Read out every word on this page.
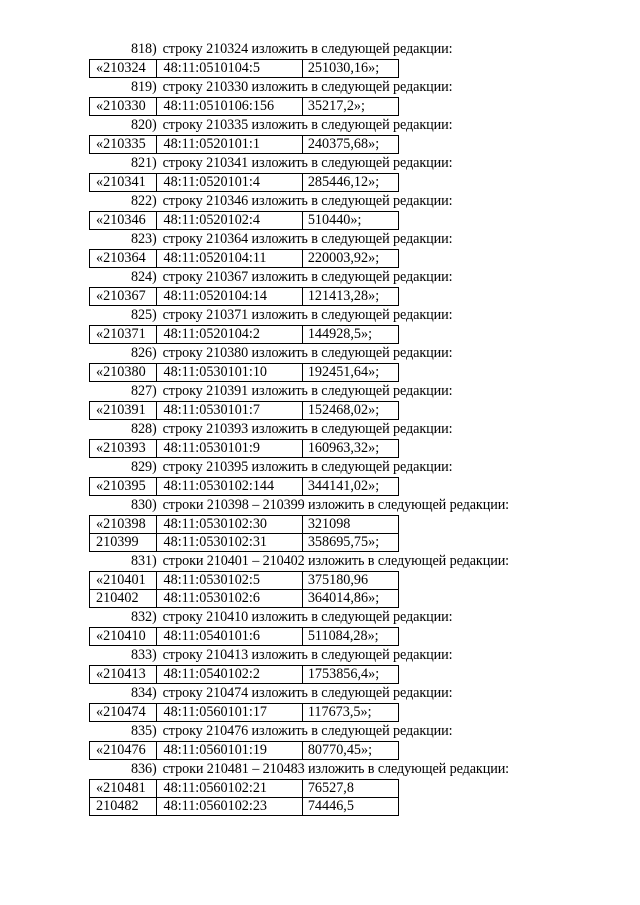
818) строку 210324 изложить в следующей редакции:
«210324	48:11:0510104:5	251030,16»;
819) строку 210330 изложить в следующей редакции:
«210330	48:11:0510106:156	35217,2»;
820) строку 210335 изложить в следующей редакции:
«210335	48:11:0520101:1	240375,68»;
821) строку 210341 изложить в следующей редакции:
«210341	48:11:0520101:4	285446,12»;
822) строку 210346 изложить в следующей редакции:
«210346	48:11:0520102:4	510440»;
823) строку 210364 изложить в следующей редакции:
«210364	48:11:0520104:11	220003,92»;
824) строку 210367 изложить в следующей редакции:
«210367	48:11:0520104:14	121413,28»;
825) строку 210371 изложить в следующей редакции:
«210371	48:11:0520104:2	144928,5»;
826) строку 210380 изложить в следующей редакции:
«210380	48:11:0530101:10	192451,64»;
827) строку 210391 изложить в следующей редакции:
«210391	48:11:0530101:7	152468,02»;
828) строку 210393 изложить в следующей редакции:
«210393	48:11:0530101:9	160963,32»;
829) строку 210395 изложить в следующей редакции:
«210395	48:11:0530102:144	344141,02»;
830) строки 210398 – 210399 изложить в следующей редакции:
«210398	48:11:0530102:30	321098
210399	48:11:0530102:31	358695,75»;
831) строки 210401 – 210402 изложить в следующей редакции:
«210401	48:11:0530102:5	375180,96
210402	48:11:0530102:6	364014,86»;
832) строку 210410 изложить в следующей редакции:
«210410	48:11:0540101:6	511084,28»;
833) строку 210413 изложить в следующей редакции:
«210413	48:11:0540102:2	1753856,4»;
834) строку 210474 изложить в следующей редакции:
«210474	48:11:0560101:17	117673,5»;
835) строку 210476 изложить в следующей редакции:
«210476	48:11:0560101:19	80770,45»;
836) строки 210481 – 210483 изложить в следующей редакции:
«210481	48:11:0560102:21	76527,8
210482	48:11:0560102:23	74446,5
